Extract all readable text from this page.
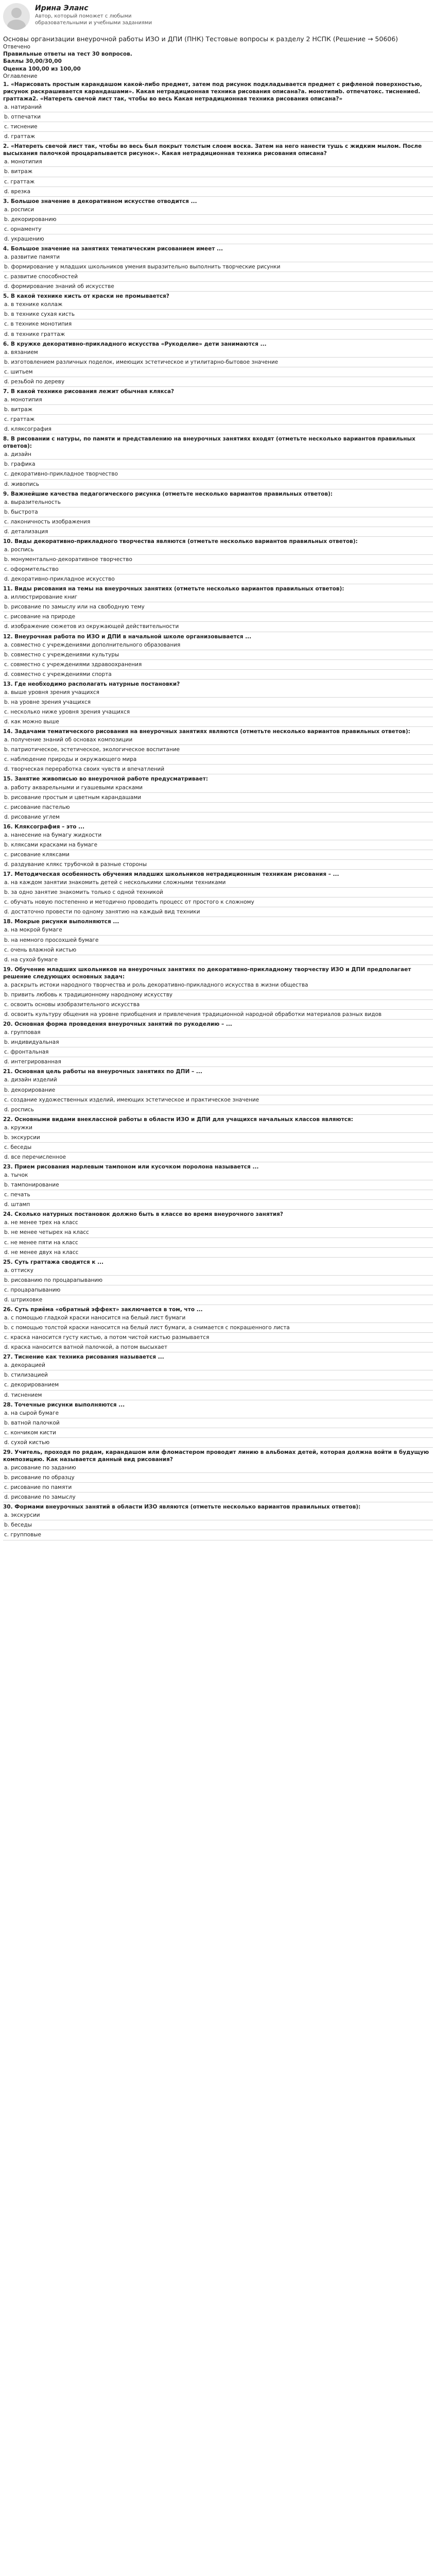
Ирина Эланс
Автор, который поможет с любыми образовательными и учебными заданиями
Основы организации внеурочной работы ИЗО и ДПИ (ПНК) Тестовые вопросы к разделу 2 НСПК (Решение → 50606)
Отвечено
Правильные ответы на тест 30 вопросов.
Баллы 30,00/30,00
Оценка 100,00 из 100,00
Оглавление
1. «Нарисовать простым карандашом какой-либо предмет, затем под рисунок подкладывается предмет с рифленой поверхностью, рисунок раскрашивается карандашами». Какая нетрадиционная техника рисования описана?а. монотипиb. отпечатокc. тиснениеd. граттажа2. «Натереть свечой лист так, чтобы во весь Какая нетрадиционная техника рисования описана?»
a. натираний
b. отпечатки
c. тиснение
d. граттаж
2. «Натереть свечой лист так, чтобы во весь был покрыт толстым слоем воска. Затем на него нанести тушь с жидким мылом. После высыхания палочкой процарапывается рисунок». Какая нетрадиционная техника рисования описана?
a. монотипия
b. витраж
c. граттаж
d. врезка
3. Большое значение в декоративном искусстве отводится ...
a. росписи
b. декорированию
c. орнаменту
d. украшению
4. Большое значение на занятиях тематическим рисованием имеет ...
a. развитие памяти
b. формирование у младших школьников умения выразительно выполнить творческие рисунки
c. развитие способностей
d. формирование знаний об искусстве
5. В какой технике кисть от краски не промывается?
a. в технике коллаж
b. в технике сухая кисть
c. в технике монотипия
d. в технике граттаж
6. В кружке декоративно-прикладного искусства «Рукоделие» дети занимаются ...
a. вязанием
b. изготовлением различных поделок, имеющих эстетическое и утилитарно-бытовое значение
c. шитьем
d. резьбой по дереву
7. В какой технике рисования лежит обычная клякса?
a. монотипия
b. витраж
c. граттаж
d. кляксография
8. В рисовании с натуры, по памяти и представлению на внеурочных занятиях входят (отметьте несколько вариантов правильных ответов):
a. дизайн
b. графика
c. декоративно-прикладное творчество
d. живопись
9. Важнейшие качества педагогического рисунка (отметьте несколько вариантов правильных ответов):
a. выразительность
b. быстрота
c. лаконичность изображения
d. детализация
10. Виды декоративно-прикладного творчества являются (отметьте несколько вариантов правильных ответов):
a. роспись
b. монументально-декоративное творчество
c. оформительство
d. декоративно-прикладное искусство
11. Виды рисования на темы на внеурочных занятиях (отметьте несколько вариантов правильных ответов):
a. иллюстрирование книг
b. рисование по замыслу или на свободную тему
c. рисование на природе
d. изображение сюжетов из окружающей действительности
12. Внеурочная работа по ИЗО и ДПИ в начальной школе организовывается ...
a. совместно с учреждениями дополнительного образования
b. совместно с учреждениями культуры
c. совместно с учреждениями здравоохранения
d. совместно с учреждениями спорта
13. Где необходимо располагать натурные постановки?
a. выше уровня зрения учащихся
b. на уровне зрения учащихся
c. несколько ниже уровня зрения учащихся
d. как можно выше
14. Задачами тематического рисования на внеурочных занятиях являются (отметьте несколько вариантов правильных ответов):
a. получение знаний об основах композиции
b. патриотическое, эстетическое, экологическое воспитание
c. наблюдение природы и окружающего мира
d. творческая переработка своих чувств и впечатлений
15. Занятие живописью во внеурочной работе предусматривает:
a. работу акварельными и гуашевыми красками
b. рисование простым и цветным карандашами
c. рисование пастелью
d. рисование углем
16. Кляксография – это ...
a. нанесение на бумагу жидкости
b. кляксами красками на бумаге
c. рисование кляксами
d. раздувание клякс трубочкой в разные стороны
17. Методическая особенность обучения младших школьников нетрадиционным техникам рисования – ...
a. на каждом занятии знакомить детей с несколькими сложными техниками
b. за одно занятие знакомить только с одной техникой
c. обучать новую постепенно и методично проводить процесс от простого к сложному
d. достаточно провести по одному занятию на каждый вид техники
18. Мокрые рисунки выполняются ...
a. на мокрой бумаге
b. на немного просохшей бумаге
c. очень влажной кистью
d. на сухой бумаге
19. Обучение младших школьников на внеурочных занятиях по декоративно-прикладному творчеству ИЗО и ДПИ предполагает решение следующих основных задач:
a. раскрыть истоки народного творчества и роль декоративно-прикладного искусства в жизни общества
b. привить любовь к традиционному народному искусству
c. освоить основы изобразительного искусства
d. освоить культуру общения на уровне приобщения и привлечения традиционной народной обработки материалов разных видов
20. Основная форма проведения внеурочных занятий по рукоделию – ...
a. групповая
b. индивидуальная
c. фронтальная
d. интегрированная
21. Основная цель работы на внеурочных занятиях по ДПИ – ...
a. дизайн изделий
b. декорирование
c. создание художественных изделий, имеющих эстетическое и практическое значение
d. роспись
22. Основными видами внеклассной работы в области ИЗО и ДПИ для учащихся начальных классов являются:
a. кружки
b. экскурсии
c. беседы
d. все перечисленное
23. Прием рисования марлевым тампоном или кусочком поролона называется ...
a. тычок
b. тампонирование
c. печать
d. штамп
24. Сколько натурных постановок должно быть в классе во время внеурочного занятия?
a. не менее трех на класс
b. не менее четырех на класс
c. не менее пяти на класс
d. не менее двух на класс
25. Суть граттажа сводится к ...
a. оттиску
b. рисованию по процарапыванию
c. процарапыванию
d. штриховке
26. Суть приёма «обратный эффект» заключается в том, что ...
a. с помощью гладкой краски наносится на белый лист бумаги
b. с помощью толстой краски наносится на белый лист бумаги, а снимается с покрашенного листа
c. краска наносится густу кистью, а потом чистой кистью размывается
d. краска наносится ватной палочкой, а потом высыхает
27. Тиснение как техника рисования называется ...
a. декорацией
b. стилизацией
c. декорированием
d. тиснением
28. Точечные рисунки выполняются ...
a. на сырой бумаге
b. ватной палочкой
c. кончиком кисти
d. сухой кистью
29. Учитель, проходя по рядам, карандашом или фломастером проводит линию в альбомах детей, которая должна войти в будущую композицию. Как называется данный вид рисования?
a. рисование по заданию
b. рисование по образцу
c. рисование по памяти
d. рисование по замыслу
30. Формами внеурочных занятий в области ИЗО являются (отметьте несколько вариантов правильных ответов):
a. экскурсии
b. беседы
c. групповые
